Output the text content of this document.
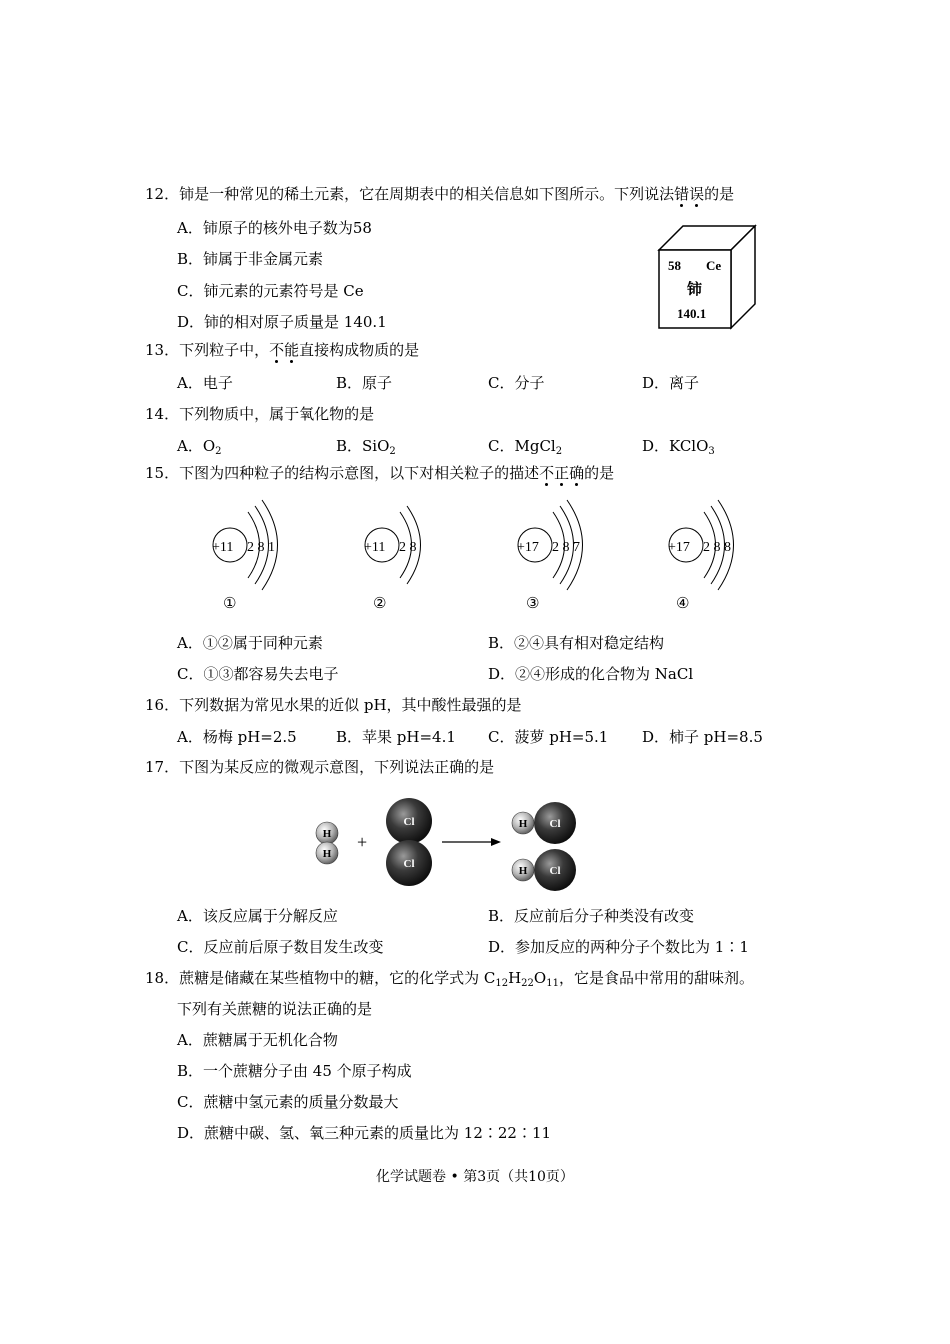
12．铈是一种常见的稀土元素，它在周期表中的相关信息如下图所示。下列说法错误的是
A．铈原子的核外电子数为58
B．铈属于非金属元素
C．铈元素的元素符号是 Ce
D．铈的相对原子质量是 140.1
58 Ce
铈
140.1
13．下列粒子中，不能直接构成物质的是
A．电子	B．原子	C．分子	D．离子
14．下列物质中，属于氧化物的是
A．$O_2$	B．SiO$_2$	C．MgCl$_2$	D．KClO$_3$
15．下图为四种粒子的结构示意图，以下对相关粒子的描述不正确的是
+11 2 8 1
①
+11 2 8
②
+17 2 8 7
③
+17 2 8 8
④
A．①②属于同种元素	B．②④具有相对稳定结构
C．①③都容易失去电子	D．②④形成的化合物为 NaCl
16．下列数据为常见水果的近似 pH，其中酸性最强的是
A．杨梅 pH=2.5	B．苹果 pH=4.1 C．菠萝 pH=5.1 D．柿子 pH=8.5
17．下图为某反应的微观示意图，下列说法正确的是
H
H
+
Cl
Cl
H Cl
H Cl
A．该反应属于分解反应	B．反应前后分子种类没有改变
C．反应前后原子数目发生改变	D．参加反应的两种分子个数比为 1∶1
18．蔗糖是储藏在某些植物中的糖，它的化学式为 $C_{12}H_{22}O_{11}$，它是食品中常用的甜味剂。
下列有关蔗糖的说法正确的是
A．蔗糖属于无机化合物
B．一个蔗糖分子由 45 个原子构成
C．蔗糖中氢元素的质量分数最大
D．蔗糖中碳、氢、氧三种元素的质量比为 12∶22∶11
化学试题卷 • 第3页（共10页）
